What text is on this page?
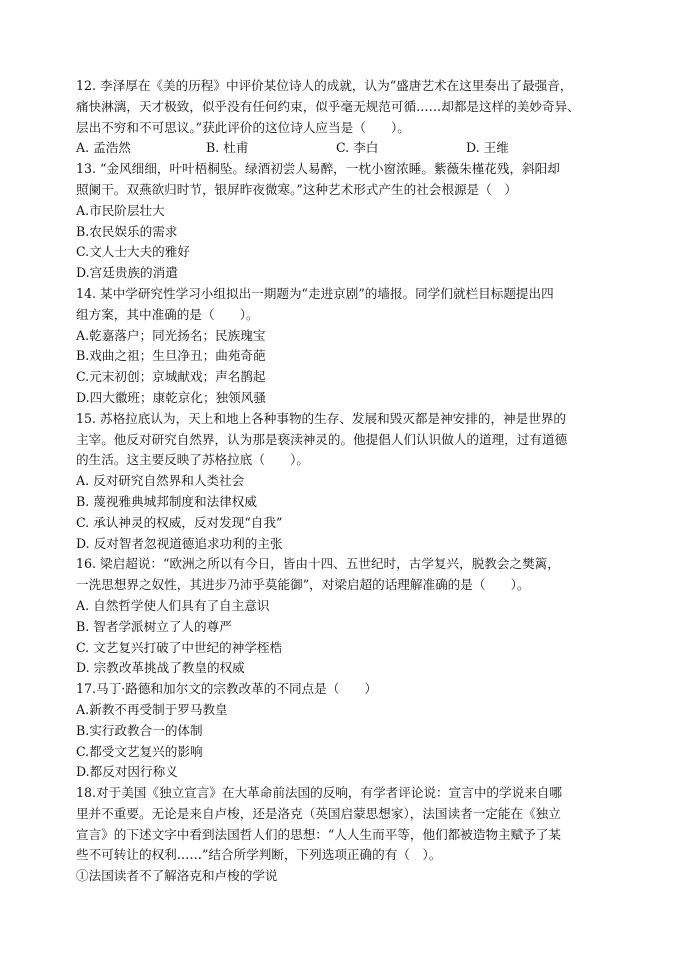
12. 李泽厚在《美的历程》中评价某位诗人的成就，认为“盛唐艺术在这里奏出了最强音，
痛快淋漓，天才极致，似乎没有任何约束，似乎毫无规范可循……却都是这样的美妙奇异、
层出不穷和不可思议。”获此评价的这位诗人应当是（　　）。
A. 孟浩然	B. 杜甫	C. 李白	D. 王维
13. “金风细细，叶叶梧桐坠。绿酒初尝人易醉，一枕小窗浓睡。紫薇朱槿花残，斜阳却
照阑干。双燕欲归时节，银屏昨夜微寒。”这种艺术形式产生的社会根源是（　）
A.市民阶层壮大
B.农民娱乐的需求
C.文人士大夫的雅好
D.宫廷贵族的消遣
14. 某中学研究性学习小组拟出一期题为“走进京剧”的墙报。同学们就栏目标题提出四
组方案，其中准确的是（　　）。
A.乾嘉落户；同光扬名；民族瑰宝
B.戏曲之祖；生旦净丑；曲苑奇葩
C.元末初创；京城献戏；声名鹊起
D.四大徽班；康乾京化；独领风骚
15. 苏格拉底认为，天上和地上各种事物的生存、发展和毁灭都是神安排的，神是世界的
主宰。他反对研究自然界，认为那是亵渎神灵的。他提倡人们认识做人的道理，过有道德
的生活。这主要反映了苏格拉底（　　）。
A. 反对研究自然界和人类社会
B. 蔑视雅典城邦制度和法律权威
C. 承认神灵的权威，反对发现“自我”
D. 反对智者忽视道德追求功利的主张
16. 梁启超说：“欧洲之所以有今日，皆由十四、五世纪时，古学复兴，脱教会之樊篱，
一洗思想界之奴性，其进步乃沛乎莫能御”，对梁启超的话理解准确的是（　　）。
A. 自然哲学使人们具有了自主意识
B. 智者学派树立了人的尊严
C. 文艺复兴打破了中世纪的神学桎梏
D. 宗教改革挑战了教皇的权威
17.马丁·路德和加尔文的宗教改革的不同点是（　　）
A.新教不再受制于罗马教皇
B.实行政教合一的体制
C.都受文艺复兴的影响
D.都反对因行称义
18.对于美国《独立宣言》在大革命前法国的反响，有学者评论说：宣言中的学说来自哪
里并不重要。无论是来自卢梭，还是洛克（英国启蒙思想家），法国读者一定能在《独立
宣言》的下述文字中看到法国哲人们的思想：“人人生而平等，他们都被造物主赋予了某
些不可转让的权利……”结合所学判断，下列选项正确的有（　）。
①法国读者不了解洛克和卢梭的学说
